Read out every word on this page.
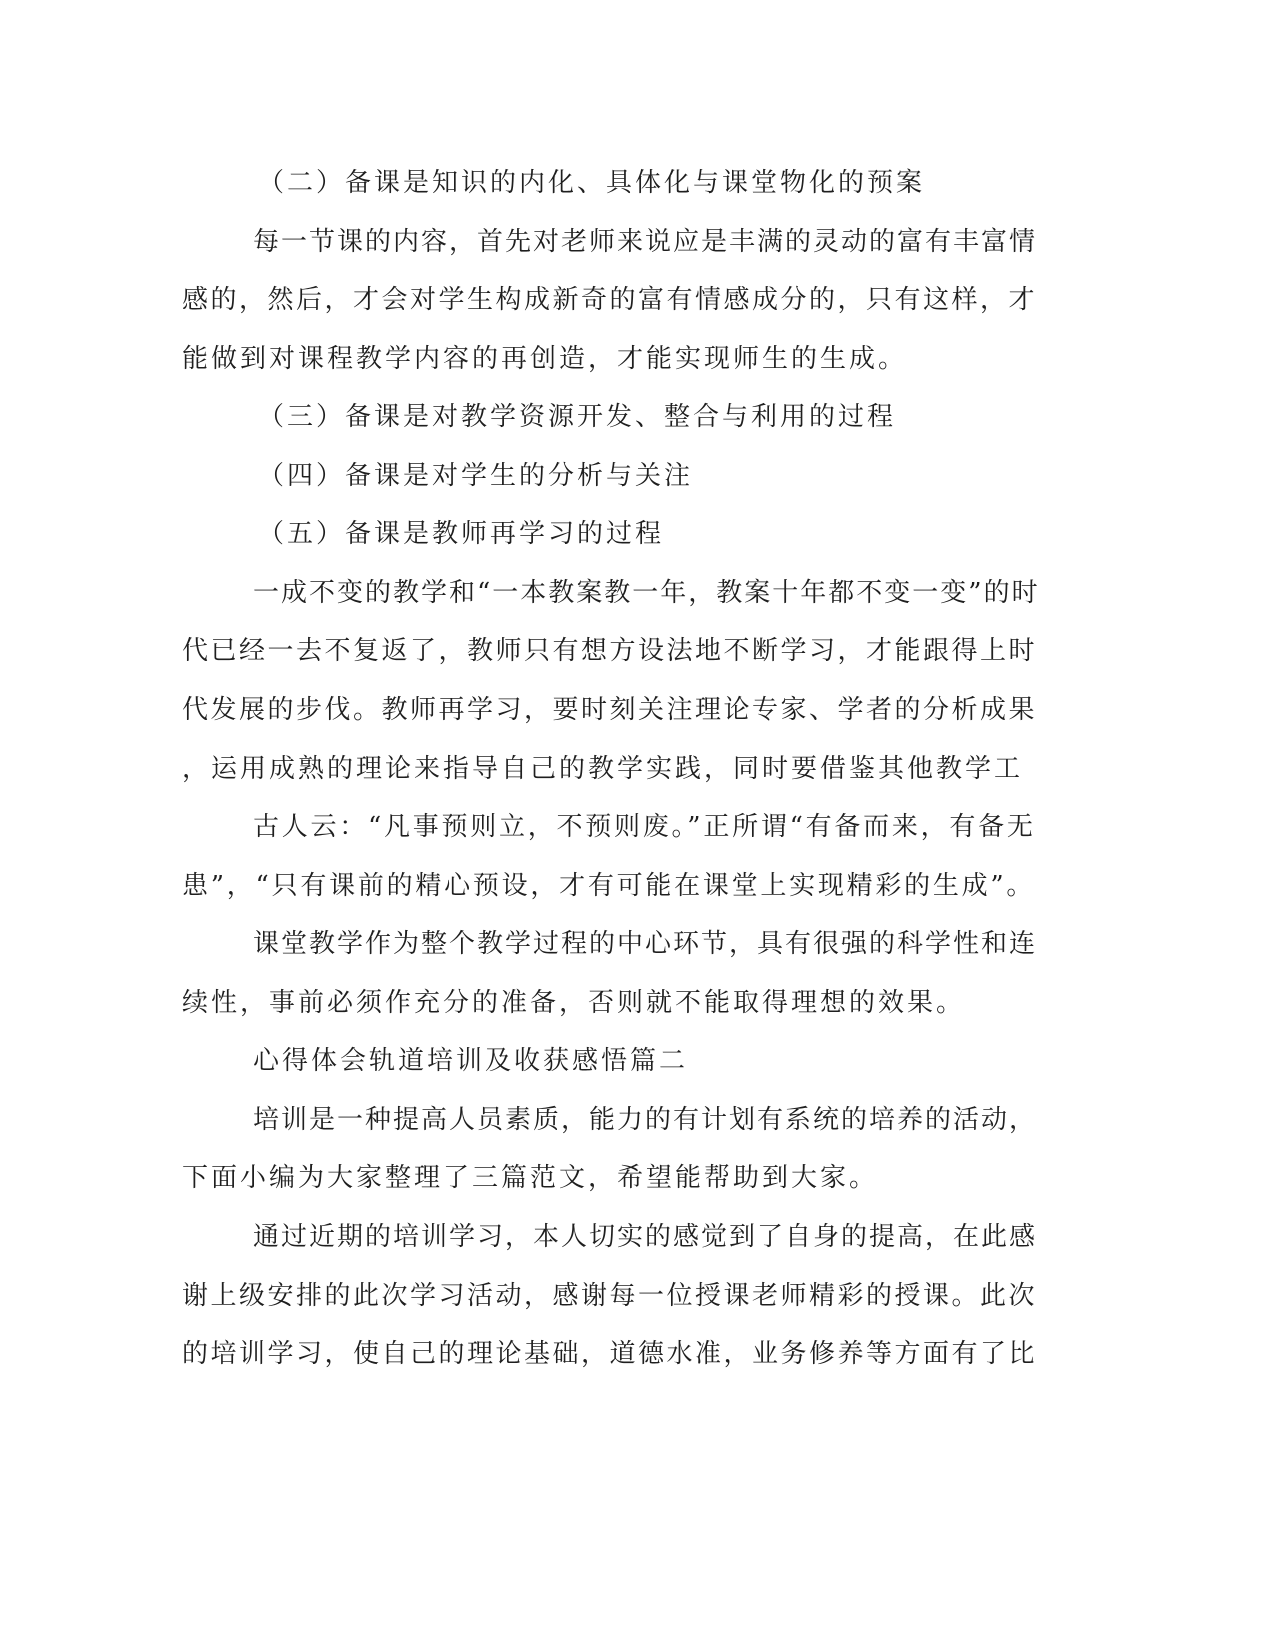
（二）备课是知识的内化、具体化与课堂物化的预案

每一节课的内容，首先对老师来说应是丰满的灵动的富有丰富情

感的，然后，才会对学生构成新奇的富有情感成分的，只有这样，才

能做到对课程教学内容的再创造，才能实现师生的生成。

（三）备课是对教学资源开发、整合与利用的过程

（四）备课是对学生的分析与关注

（五）备课是教师再学习的过程

一成不变的教学和“一本教案教一年，教案十年都不变一变”的时

代已经一去不复返了，教师只有想方设法地不断学习，才能跟得上时

代发展的步伐。教师再学习，要时刻关注理论专家、学者的分析成果

，运用成熟的理论来指导自己的教学实践，同时要借鉴其他教学工

古人云：“凡事预则立，不预则废。”正所谓“有备而来，有备无

患”，“只有课前的精心预设，才有可能在课堂上实现精彩的生成”。

课堂教学作为整个教学过程的中心环节，具有很强的科学性和连

续性，事前必须作充分的准备，否则就不能取得理想的效果。

心得体会轨道培训及收获感悟篇二

培训是一种提高人员素质，能力的有计划有系统的培养的活动，

下面小编为大家整理了三篇范文，希望能帮助到大家。

通过近期的培训学习，本人切实的感觉到了自身的提高，在此感

谢上级安排的此次学习活动，感谢每一位授课老师精彩的授课。此次

的培训学习，使自己的理论基础，道德水准，业务修养等方面有了比
